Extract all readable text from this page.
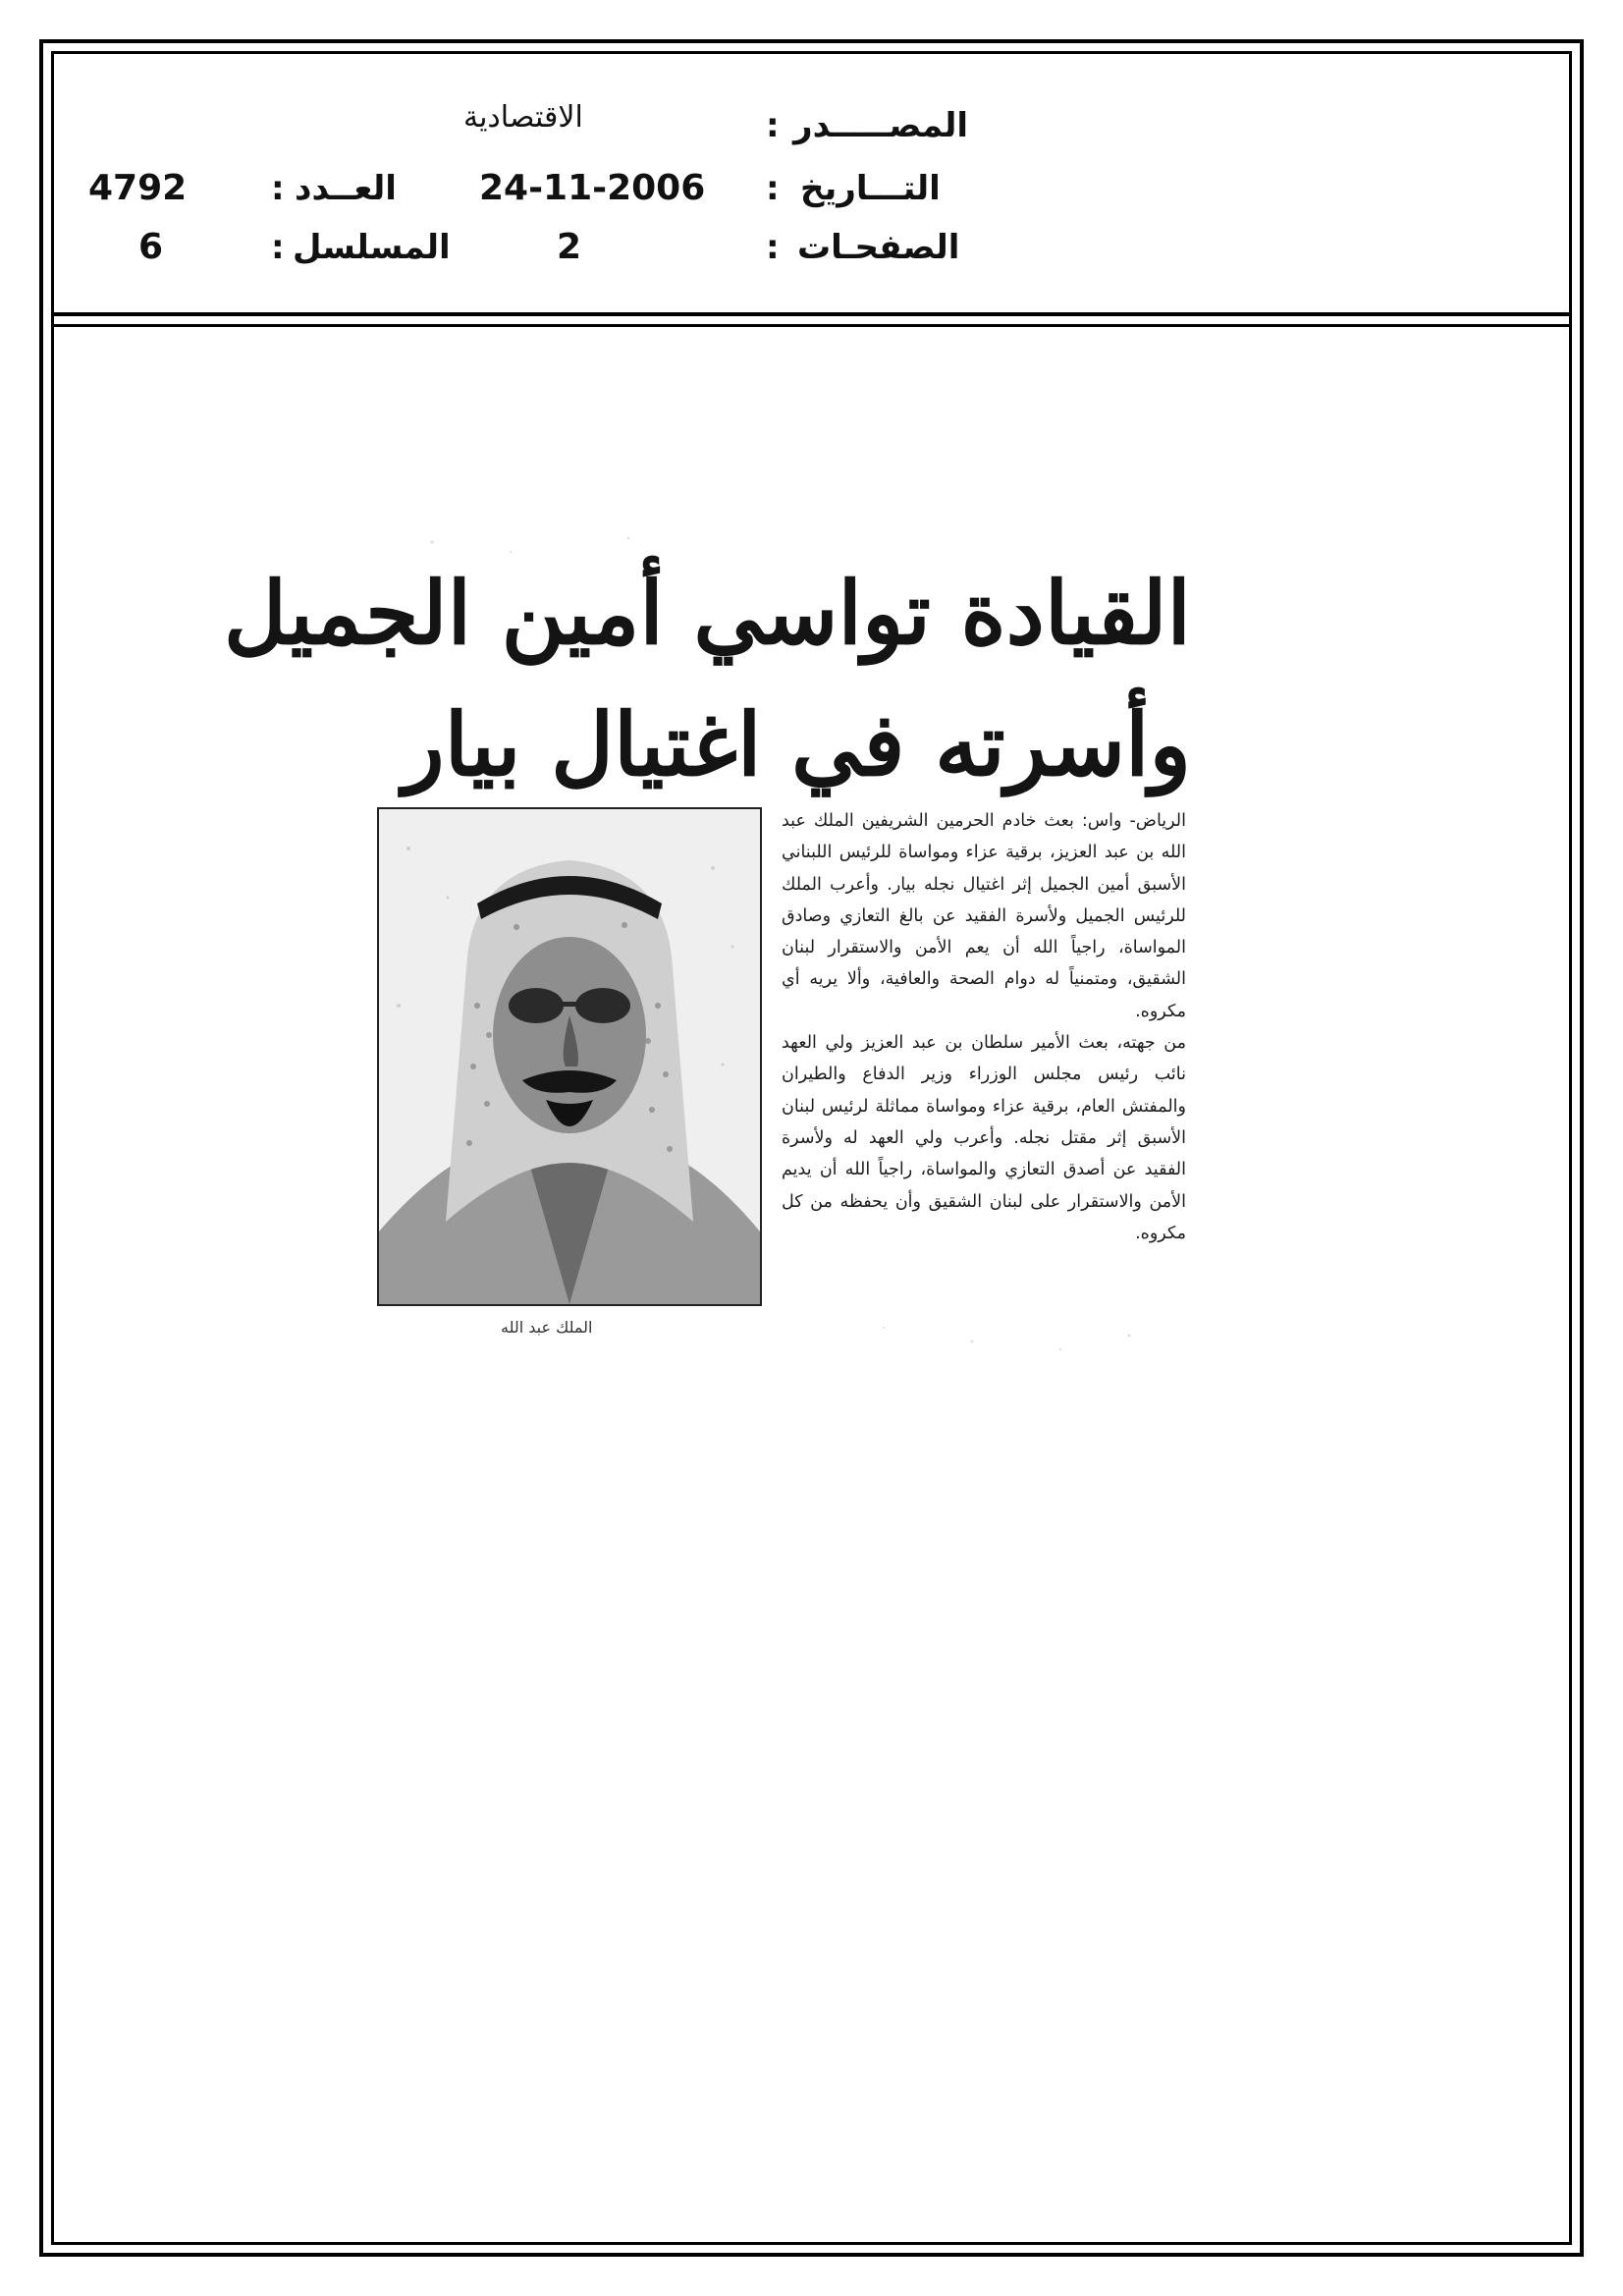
المصـــــدر
:
الاقتصادية
التـــاريخ
:
24-11-2006
العــدد
:
4792
الصفحـات
:
2
المسلسل
:
6
القيادة تواسي أمين الجميل
وأسرته في اغتيال بيار
الملك عبد الله

الرياض- واس: بعث خادم الحرمين الشريفين الملك عبد الله بن عبد العزيز، برقية عزاء ومواساة للرئيس اللبناني الأسبق أمين الجميل إثر اغتيال نجله بيار. وأعرب الملك للرئيس الجميل ولأسرة الفقيد عن بالغ التعازي وصادق المواساة، راجياً الله أن يعم الأمن والاستقرار لبنان الشقيق، ومتمنياً له دوام الصحة والعافية، وألا يريه أي مكروه.

من جهته، بعث الأمير سلطان بن عبد العزيز ولي العهد نائب رئيس مجلس الوزراء وزير الدفاع والطيران والمفتش العام، برقية عزاء ومواساة مماثلة لرئيس لبنان الأسبق إثر مقتل نجله. وأعرب ولي العهد له ولأسرة الفقيد عن أصدق التعازي والمواساة، راجياً الله أن يديم الأمن والاستقرار على لبنان الشقيق وأن يحفظه من كل مكروه.
